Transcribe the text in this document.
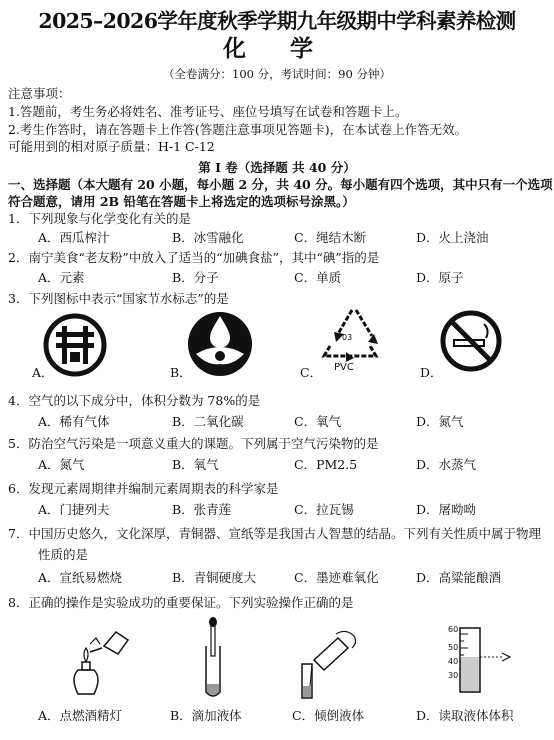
2025–2026学年度秋季学期九年级期中学科素养检测
化 学
（全卷满分：100 分，考试时间：90 分钟）
注意事项：
1.答题前，考生务必将姓名、准考证号、座位号填写在试卷和答题卡上。
2.考生作答时，请在答题卡上作答(答题注意事项见答题卡)，在本试卷上作答无效。
可能用到的相对原子质量：H-1 C-12
第 I 卷（选择题 共 40 分）
一、选择题（本大题有 20 小题，每小题 2 分，共 40 分。每小题有四个选项，其中只有一个选项
符合题意，请用 2B 铅笔在答题卡上将选定的选项标号涂黑。）
1．下列现象与化学变化有关的是
A．西瓜榨汁	B．冰雪融化	C．绳结木断	D．火上浇油
2．南宁美食“老友粉”中放入了适当的“加碘食盐”，其中“碘”指的是
A．元素	B．分子	C．单质	D．原子
3．下列图标中表示“国家节水标志”的是
A．	B．
03
PVC
C．	D．
4．空气的以下成分中，体积分数为 78%的是
A．稀有气体	B．二氧化碳	C．氧气	D．氮气
5．防治空气污染是一项意义重大的课题。下列属于空气污染物的是
A．氮气	B．氧气	C．PM2.5	D．水蒸气
6．发现元素周期律并编制元素周期表的科学家是
A．门捷列夫	B．张青莲	C．拉瓦锡	D．屠呦呦
7．中国历史悠久，文化深厚，青铜器、宣纸等是我国古人智慧的结晶。下列有关性质中属于物理
性质的是
A．宣纸易燃烧	B．青铜硬度大	C．墨迹难氧化	D．高粱能酿酒
8．正确的操作是实验成功的重要保证。下列实验操作正确的是
A．点燃酒精灯	B．滴加液体	C．倾倒液体
60
50
40
30
D．读取液体体积
